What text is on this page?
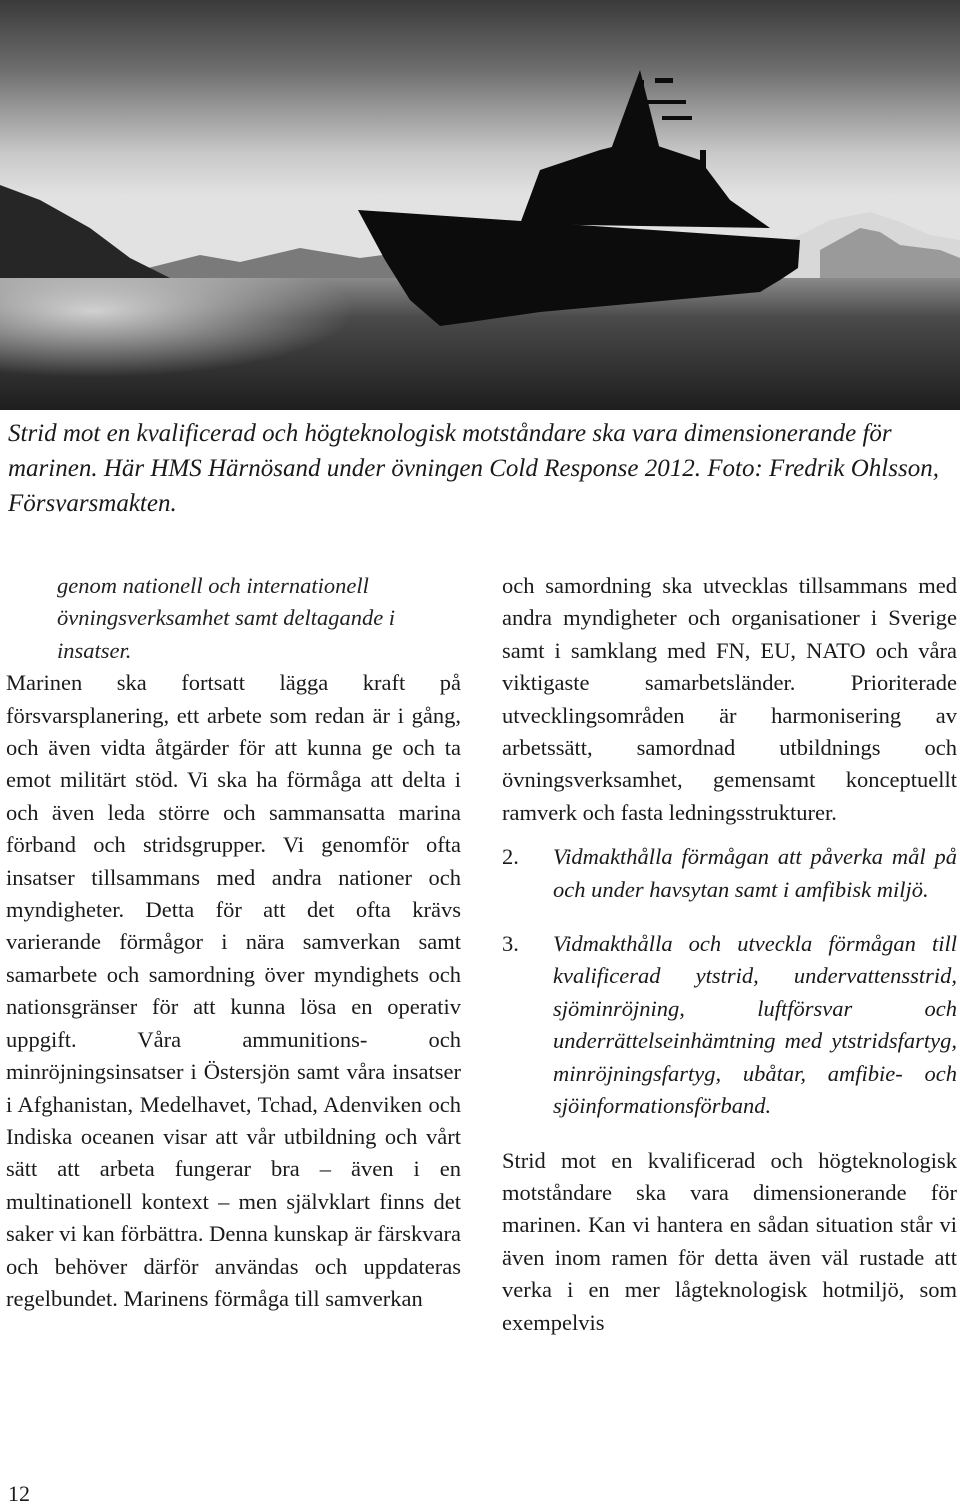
Strid mot en kvalificerad och högteknologisk motståndare ska vara dimensionerande för marinen. Här HMS Härnösand under övningen Cold Response 2012. Foto: Fredrik Ohlsson, Försvarsmakten.
genom nationell och internationell övningsverksamhet samt deltagande i insatser.

Marinen ska fortsatt lägga kraft på försvarsplanering, ett arbete som redan är i gång, och även vidta åtgärder för att kunna ge och ta emot militärt stöd. Vi ska ha förmåga att delta i och även leda större och sammansatta marina förband och stridsgrupper. Vi genomför ofta insatser tillsammans med andra nationer och myndigheter. Detta för att det ofta krävs varierande förmågor i nära samverkan samt samarbete och samordning över myndighets och nationsgränser för att kunna lösa en operativ uppgift. Våra ammunitions- och minröjningsinsatser i Östersjön samt våra insatser i Afghanistan, Medelhavet, Tchad, Adenviken och Indiska oceanen visar att vår utbildning och vårt sätt att arbeta fungerar bra – även i en multinationell kontext – men självklart finns det saker vi kan förbättra. Denna kunskap är färskvara och behöver därför användas och uppdateras regelbundet. Marinens förmåga till samverkan

och samordning ska utvecklas tillsammans med andra myndigheter och organisationer i Sverige samt i samklang med FN, EU, NATO och våra viktigaste samarbetsländer. Prioriterade utvecklingsområden är harmonisering av arbetssätt, samordnad utbildnings och övningsverksamhet, gemensamt konceptuellt ramverk och fasta ledningsstrukturer.

2. Vidmakthålla förmågan att påverka mål på och under havsytan samt i amfibisk miljö.
3. Vidmakthålla och utveckla förmågan till kvalificerad ytstrid, undervattensstrid, sjöminröjning, luftförsvar och underrättelseinhämtning med ytstridsfartyg, minröjningsfartyg, ubåtar, amfibie- och sjöinformationsförband.

Strid mot en kvalificerad och högteknologisk motståndare ska vara dimensionerande för marinen. Kan vi hantera en sådan situation står vi även inom ramen för detta även väl rustade att verka i en mer lågteknologisk hotmiljö, som exempelvis

12
